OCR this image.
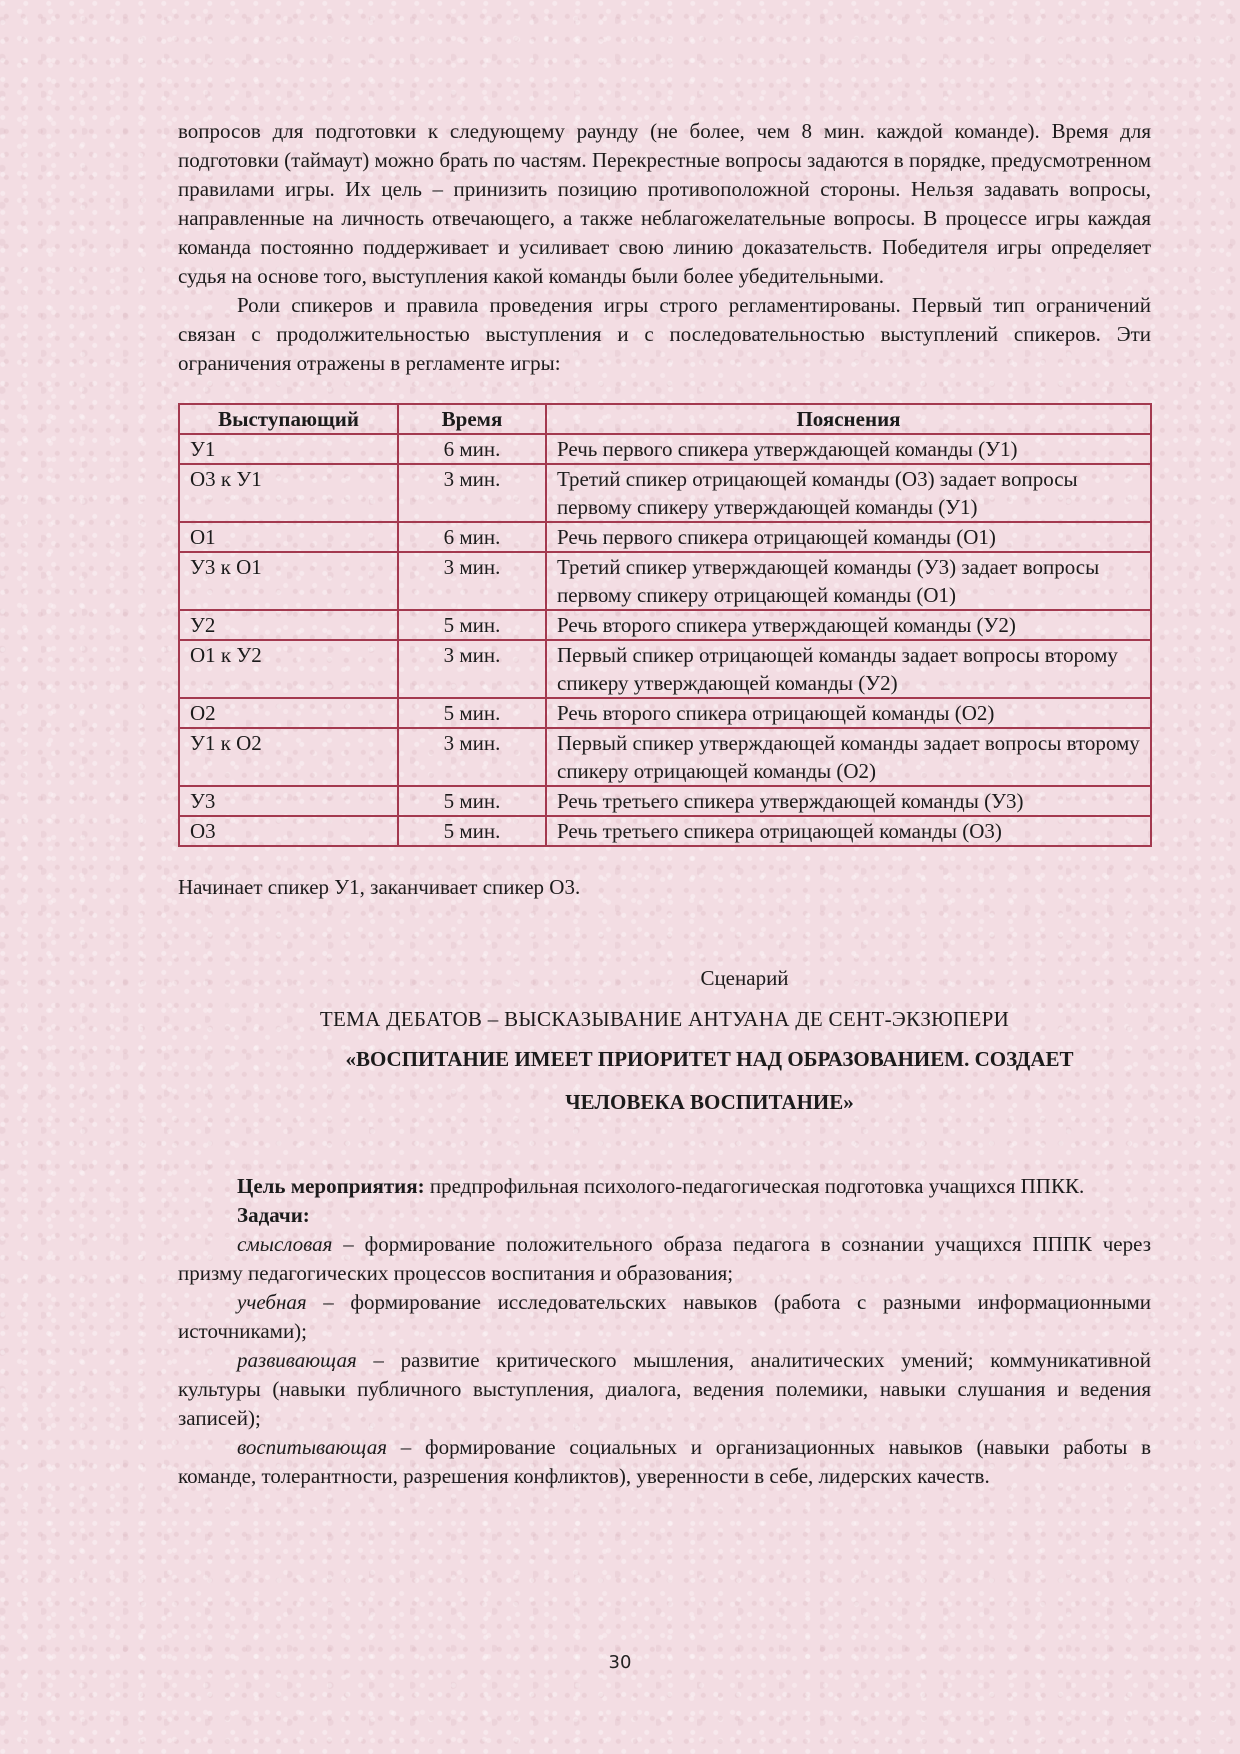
вопросов для подготовки к следующему раунду (не более, чем 8 мин. каждой команде). Время для подготовки (таймаут) можно брать по частям. Перекрестные вопросы задаются в порядке, предусмотренном правилами игры. Их цель – принизить позицию противоположной стороны. Нельзя задавать вопросы, направленные на личность отвечающего, а также неблагожелательные вопросы. В процессе игры каждая команда постоянно поддерживает и усиливает свою линию доказательств. Победителя игры определяет судья на основе того, выступления какой команды были более убедительными.

Роли спикеров и правила проведения игры строго регламентированы. Первый тип ограничений связан с продолжительностью выступления и с последовательностью выступлений спикеров. Эти ограничения отражены в регламенте игры:

Выступающий	Время	Пояснения
У1	6 мин.	Речь первого спикера утверждающей команды (У1)
О3 к У1	3 мин.	Третий спикер отрицающей команды (О3) задает вопросы первому спикеру утверждающей команды (У1)
О1	6 мин.	Речь первого спикера отрицающей команды (О1)
У3 к О1	3 мин.	Третий спикер утверждающей команды (У3) задает вопросы первому спикеру отрицающей команды (О1)
У2	5 мин.	Речь второго спикера утверждающей команды (У2)
О1 к У2	3 мин.	Первый спикер отрицающей команды задает вопросы второму спикеру утверждающей команды (У2)
О2	5 мин.	Речь второго спикера отрицающей команды (О2)
У1 к О2	3 мин.	Первый спикер утверждающей команды задает вопросы второму спикеру отрицающей команды (О2)
У3	5 мин.	Речь третьего спикера утверждающей команды (У3)
О3	5 мин.	Речь третьего спикера отрицающей команды (О3)

Начинает спикер У1, заканчивает спикер О3.

Сценарий

ТЕМА ДЕБАТОВ – ВЫСКАЗЫВАНИЕ АНТУАНА ДЕ СЕНТ-ЭКЗЮПЕРИ

«ВОСПИТАНИЕ ИМЕЕТ ПРИОРИТЕТ НАД ОБРАЗОВАНИЕМ. СОЗДАЕТ
ЧЕЛОВЕКА ВОСПИТАНИЕ»

Цель мероприятия: предпрофильная психолого-педагогическая подготовка учащихся ППКК.

Задачи:

смысловая – формирование положительного образа педагога в сознании учащихся ПППК через призму педагогических процессов воспитания и образования;

учебная – формирование исследовательских навыков (работа с разными информационными источниками);

развивающая – развитие критического мышления, аналитических умений; коммуникативной культуры (навыки публичного выступления, диалога, ведения полемики, навыки слушания и ведения записей);

воспитывающая – формирование социальных и организационных навыков (навыки работы в команде, толерантности, разрешения конфликтов), уверенности в себе, лидерских качеств.

30
